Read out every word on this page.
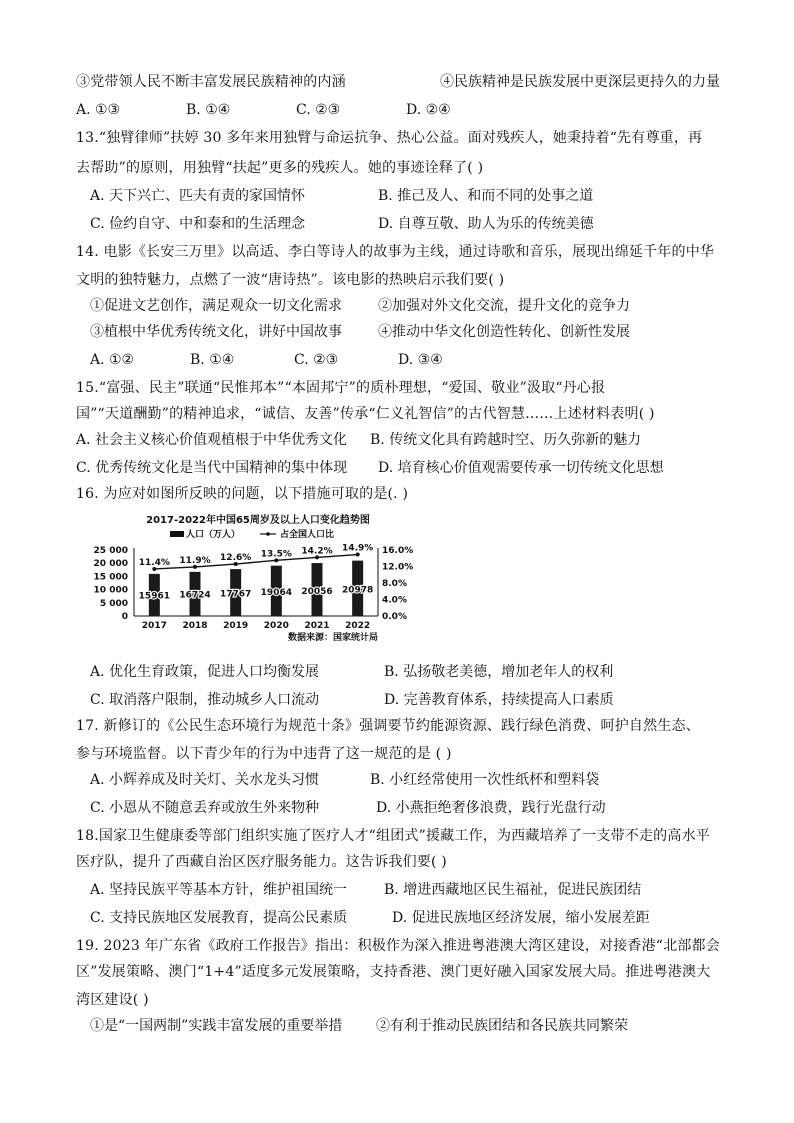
③党带领人民不断丰富发展民族精神的内涵	④民族精神是民族发展中更深层更持久的力量
A. ①③	B. ①④	C. ②③	D. ②④
13.“独臂律师”扶婷 30 多年来用独臂与命运抗争、热心公益。面对残疾人，她秉持着“先有尊重，再
去帮助”的原则，用独臂“扶起”更多的残疾人。她的事迹诠释了( )
A. 天下兴亡、匹夫有责的家国情怀	B. 推己及人、和而不同的处事之道
C. 俭约自守、中和泰和的生活理念	D. 自尊互敬、助人为乐的传统美德
14. 电影《长安三万里》以高适、李白等诗人的故事为主线，通过诗歌和音乐，展现出绵延千年的中华
文明的独特魅力，点燃了一波“唐诗热”。该电影的热映启示我们要( )
①促进文艺创作，满足观众一切文化需求	②加强对外文化交流，提升文化的竞争力
③植根中华优秀传统文化，讲好中国故事	④推动中华文化创造性转化、创新性发展
A. ①②	B. ①④	C. ②③	D. ③④
15.“富强、民主”联通“民惟邦本”“本固邦宁”的质朴理想，“爱国、敬业”汲取“丹心报
国”“天道酬勤”的精神追求，“诚信、友善”传承“仁义礼智信”的古代智慧……上述材料表明( )
A. 社会主义核心价值观植根于中华优秀文化 B. 传统文化具有跨越时空、历久弥新的魅力
C. 优秀传统文化是当代中国精神的集中体现 D. 培育核心价值观需要传承一切传统文化思想
16. 为应对如图所反映的问题，以下措施可取的是(. )
2017-2022年中国65周岁及以上人口变化趋势图
人口（万人）	占全国人口比
25 000
20 000
15 000
10 000
5 000
0
16.0%
12.0%
8.0%
4.0%
0.0%
15961
2017
16724
2018
17767
2019
19064
2020
20056
2021
20978
2022
11.4% 11.9% 12.6% 13.5% 14.2% 14.9%
数据来源：国家统计局
A. 优化生育政策，促进人口均衡发展	B. 弘扬敬老美德，增加老年人的权利
C. 取消落户限制，推动城乡人口流动	D. 完善教育体系，持续提高人口素质
17. 新修订的《公民生态环境行为规范十条》强调要节约能源资源、践行绿色消费、呵护自然生态、
参与环境监督。以下青少年的行为中违背了这一规范的是 ( )
A. 小辉养成及时关灯、关水龙头习惯	B. 小红经常使用一次性纸杯和塑料袋
C. 小恩从不随意丢弃或放生外来物种	D. 小燕拒绝奢侈浪费，践行光盘行动
18.国家卫生健康委等部门组织实施了医疗人才“组团式”援藏工作，为西藏培养了一支带不走的高水平
医疗队，提升了西藏自治区医疗服务能力。这告诉我们要( )
A. 坚持民族平等基本方针，维护祖国统一	B. 增进西藏地区民生福祉，促进民族团结
C. 支持民族地区发展教育，提高公民素质	D. 促进民族地区经济发展，缩小发展差距
19. 2023 年广东省《政府工作报告》指出：积极作为深入推进粤港澳大湾区建设，对接香港“北部都会
区”发展策略、澳门“1+4”适度多元发展策略，支持香港、澳门更好融入国家发展大局。推进粤港澳大
湾区建设( )
①是“一国两制”实践丰富发展的重要举措 ②有利于推动民族团结和各民族共同繁荣
